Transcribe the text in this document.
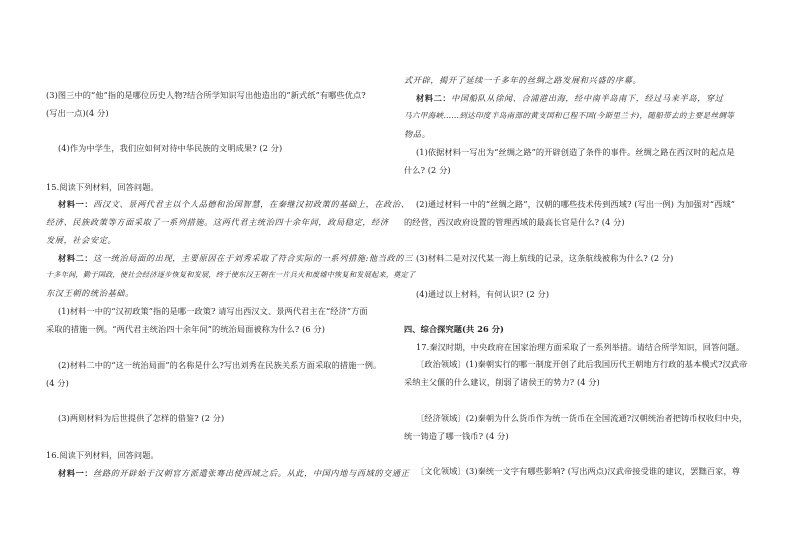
(3)图三中的“他”指的是哪位历史人物?结合所学知识写出他造出的“新式纸”有哪些优点?
(写出一点)(4 分)
(4)作为中学生，我们应如何对待中华民族的文明成果? (2 分)
15.阅读下列材料，回答问题。
材料一：西汉文、景两代君主以个人品德和治国智慧，在秦继汉初政策的基础上，在政治、
经济、民族政策等方面采取了一系列措施。这两代君主统治四十余年间，政局稳定，经济
发展，社会安定。
材料二：这一统治局面的出现，主要原因在于刘秀采取了符合实际的一系列措施:他当政的三
十多年间，勤于国政，使社会经济逐步恢复和发展，终于使东汉王朝在一片兵火和废墟中恢复和发展起来，奠定了
东汉王朝的统治基础。
(1)材料一中的“汉初政策”指的是哪一政策? 请写出西汉文、景两代君主在“经济”方面
采取的措施一例。“两代君主统治四十余年间”的统治局面被称为什么? (6 分)
(2)材料二中的“这一统治局面”的名称是什么?写出刘秀在民族关系方面采取的措施一例。
(4 分)
(3)两则材料为后世提供了怎样的借鉴? (2 分)
16.阅读下列材料，回答问题。
材料一：丝路的开辟始于汉朝官方派遣张骞出使西域之后。从此，中国内地与西域的交通正
式开辟，揭开了延续一千多年的丝绸之路发展和兴盛的序幕。
材料二：中国船队从徐闻、合浦港出海，经中南半岛南下，经过马来半岛，穿过
马六甲海峡……到达印度半岛南部的黄支国和已程不国(今斯里兰卡)，随船带去的主要是丝绸等
物品。
(1)依据材料一写出为“丝绸之路”的开辟创造了条件的事件。丝绸之路在西汉时的起点是
什么? (2 分)
(2)通过材料一中的“丝绸之路”，汉朝的哪些技术传到西域? (写出一例) 为加强对“西域”
的经营，西汉政府设置的管理西域的最高长官是什么? (4 分)
(3)材料二是对汉代某一海上航线的记录，这条航线被称为什么? (2 分)
(4)通过以上材料，有何认识? (2 分)
四、综合探究题(共 26 分)
17.秦汉时期，中央政府在国家治理方面采取了一系列举措。请结合所学知识，回答问题。
〔政治领域〕(1)秦朝实行的哪一制度开创了此后我国历代王朝地方行政的基本模式?汉武帝
采纳主父偃的什么建议，削弱了诸侯王的势力? (4 分)
〔经济领域〕(2)秦朝为什么货币作为统一货币在全国流通?汉朝统治者把铸币权收归中央，
统一铸造了哪一钱币? (4 分)
〔文化领域〕(3)秦统一文字有哪些影响? (写出两点)汉武帝接受谁的建议，罢黜百家，尊
